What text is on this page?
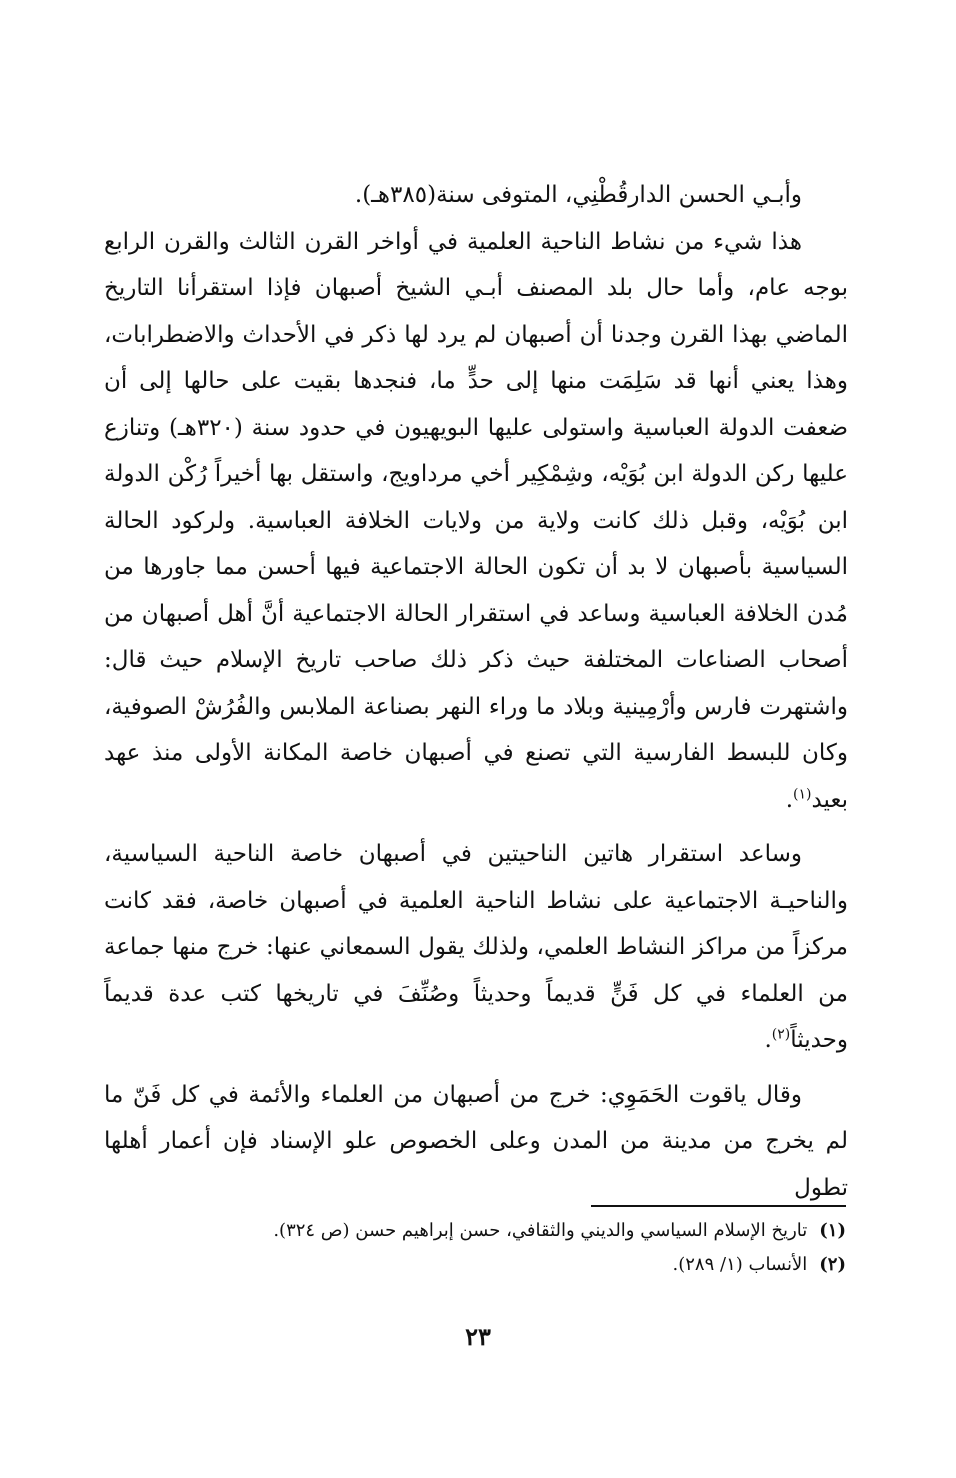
وأبـي الحسن الدارقُطْنِي، المتوفى سنة(٣٨٥هـ).

هذا شيء من نشاط الناحية العلمية في أواخر القرن الثالث والقرن الرابع بوجه عام، وأما حال بلد المصنف أبـي الشيخ أصبهان فإذا استقرأنا التاريخ الماضي بهذا القرن وجدنا أن أصبهان لم يرد لها ذكر في الأحداث والاضطرابات، وهذا يعني أنها قد سَلِمَت منها إلى حدٍّ ما، فنجدها بقيت على حالها إلى أن ضعفت الدولة العباسية واستولى عليها البويهيون في حدود سنة (٣٢٠هـ) وتنازع عليها ركن الدولة ابن بُوَيْه، وشِمْكِير أخي مرداويج، واستقل بها أخيراً رُكْن الدولة ابن بُوَيْه، وقبل ذلك كانت ولاية من ولايات الخلافة العباسية. ولركود الحالة السياسية بأصبهان لا بد أن تكون الحالة الاجتماعية فيها أحسن مما جاورها من مُدن الخلافة العباسية وساعد في استقرار الحالة الاجتماعية أنَّ أهل أصبهان من أصحاب الصناعات المختلفة حيث ذكر ذلك صاحب تاريخ الإسلام حيث قال: واشتهرت فارس وأرْمِينية وبلاد ما وراء النهر بصناعة الملابس والفُرُشْ الصوفية، وكان للبسط الفارسية التي تصنع في أصبهان خاصة المكانة الأولى منذ عهد بعيد$^{(١)}$.

وساعد استقرار هاتين الناحيتين في أصبهان خاصة الناحية السياسية، والناحيـة الاجتماعية على نشاط الناحية العلمية في أصبهان خاصة، فقد كانت مركزاً من مراكز النشاط العلمي، ولذلك يقول السمعاني عنها: خرج منها جماعة من العلماء في كل فَنٍّ قديماً وحديثاً وصُنِّفَ في تاريخها كتب عدة قديماً وحديثاً$^{(٢)}$.

وقال ياقوت الحَمَوِي: خرج من أصبهان من العلماء والأئمة في كل فَنّ ما لم يخرج من مدينة من المدن وعلى الخصوص علو الإسناد فإن أعمار أهلها تطول

(١)تاريخ الإسلام السياسي والديني والثقافي، حسن إبراهيم حسن (ص ٣٢٤).
(٢)الأنساب (١/ ٢٨٩).
٢٣
